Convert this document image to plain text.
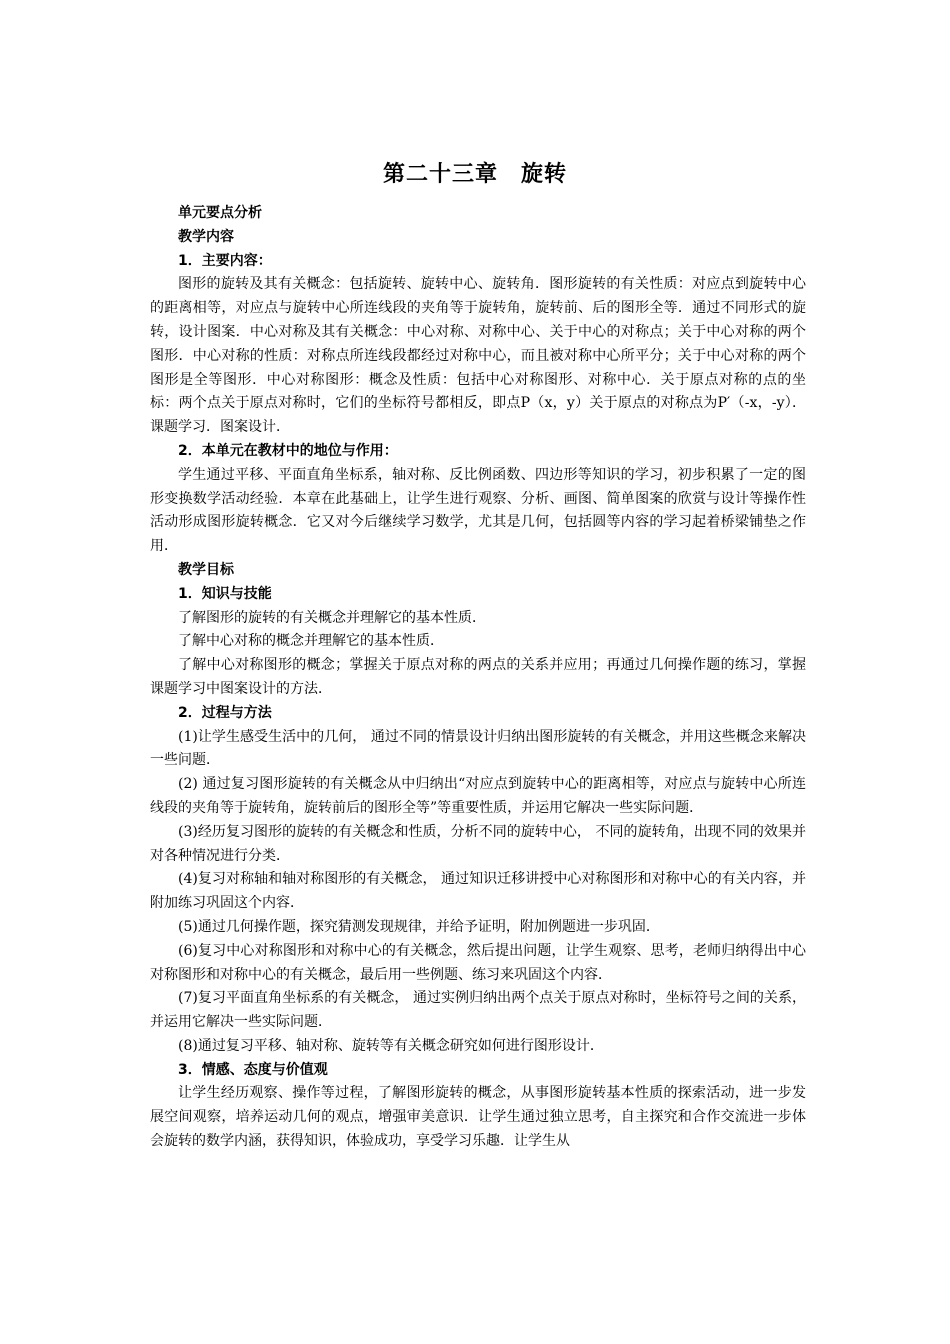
第二十三章　旋转

单元要点分析

教学内容

1．主要内容：

图形的旋转及其有关概念：包括旋转、旋转中心、旋转角．图形旋转的有关性质：对应点到旋转中心的距离相等，对应点与旋转中心所连线段的夹角等于旋转角，旋转前、后的图形全等．通过不同形式的旋转，设计图案．中心对称及其有关概念：中心对称、对称中心、关于中心的对称点；关于中心对称的两个图形．中心对称的性质：对称点所连线段都经过对称中心，而且被对称中心所平分；关于中心对称的两个图形是全等图形．中心对称图形：概念及性质：包括中心对称图形、对称中心．关于原点对称的点的坐标：两个点关于原点对称时，它们的坐标符号都相反，即点P（x，y）关于原点的对称点为P′（-x，-y）．课题学习．图案设计．

2．本单元在教材中的地位与作用：

学生通过平移、平面直角坐标系，轴对称、反比例函数、四边形等知识的学习，初步积累了一定的图形变换数学活动经验．本章在此基础上，让学生进行观察、分析、画图、简单图案的欣赏与设计等操作性活动形成图形旋转概念．它又对今后继续学习数学，尤其是几何，包括圆等内容的学习起着桥梁铺垫之作用．

教学目标

1．知识与技能

了解图形的旋转的有关概念并理解它的基本性质．

了解中心对称的概念并理解它的基本性质．

了解中心对称图形的概念；掌握关于原点对称的两点的关系并应用；再通过几何操作题的练习，掌握课题学习中图案设计的方法．

2．过程与方法

(1)让学生感受生活中的几何， 通过不同的情景设计归纳出图形旋转的有关概念，并用这些概念来解决一些问题．

(2) 通过复习图形旋转的有关概念从中归纳出“对应点到旋转中心的距离相等，对应点与旋转中心所连线段的夹角等于旋转角，旋转前后的图形全等”等重要性质，并运用它解决一些实际问题．

(3)经历复习图形的旋转的有关概念和性质，分析不同的旋转中心， 不同的旋转角，出现不同的效果并对各种情况进行分类．

(4)复习对称轴和轴对称图形的有关概念， 通过知识迁移讲授中心对称图形和对称中心的有关内容，并附加练习巩固这个内容．

(5)通过几何操作题，探究猜测发现规律，并给予证明，附加例题进一步巩固．

(6)复习中心对称图形和对称中心的有关概念，然后提出问题，让学生观察、思考，老师归纳得出中心对称图形和对称中心的有关概念，最后用一些例题、练习来巩固这个内容．

(7)复习平面直角坐标系的有关概念， 通过实例归纳出两个点关于原点对称时，坐标符号之间的关系，并运用它解决一些实际问题．

(8)通过复习平移、轴对称、旋转等有关概念研究如何进行图形设计．

3．情感、态度与价值观

让学生经历观察、操作等过程，了解图形旋转的概念，从事图形旋转基本性质的探索活动，进一步发展空间观察，培养运动几何的观点，增强审美意识．让学生通过独立思考，自主探究和合作交流进一步体会旋转的数学内涵，获得知识，体验成功，享受学习乐趣．让学生从
